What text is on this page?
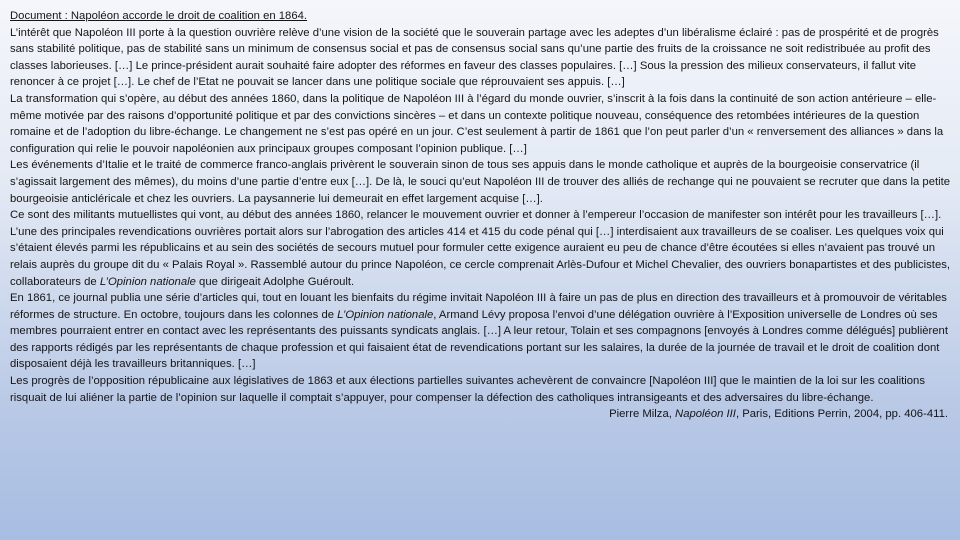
Document : Napoléon accorde le droit de coalition en 1864.

L’intérêt que Napoléon III porte à la question ouvrière relève d’une vision de la société que le souverain partage avec les adeptes d’un libéralisme éclairé : pas de prospérité et de progrès sans stabilité politique, pas de stabilité sans un minimum de consensus social et pas de consensus social sans qu’une partie des fruits de la croissance ne soit redistribuée au profit des classes laborieuses. […] Le prince-président aurait souhaité faire adopter des réformes en faveur des classes populaires. […] Sous la pression des milieux conservateurs, il fallut vite renoncer à ce projet […]. Le chef de l’Etat ne pouvait se lancer dans une politique sociale que réprouvaient ses appuis. […]

La transformation qui s’opère, au début des années 1860, dans la politique de Napoléon III à l’égard du monde ouvrier, s’inscrit à la fois dans la continuité de son action antérieure – elle-même motivée par des raisons d’opportunité politique et par des convictions sincères – et dans un contexte politique nouveau, conséquence des retombées intérieures de la question romaine et de l’adoption du libre-échange. Le changement ne s’est pas opéré en un jour. C’est seulement à partir de 1861 que l’on peut parler d’un « renversement des alliances » dans la configuration qui relie le pouvoir napoléonien aux principaux groupes composant l’opinion publique. […]

Les événements d’Italie et le traité de commerce franco-anglais privèrent le souverain sinon de tous ses appuis dans le monde catholique et auprès de la bourgeoisie conservatrice (il s’agissait largement des mêmes), du moins d’une partie d’entre eux […]. De là, le souci qu’eut Napoléon III de trouver des alliés de rechange qui ne pouvaient se recruter que dans la petite bourgeoisie anticléricale et chez les ouvriers. La paysannerie lui demeurait en effet largement acquise […].

Ce sont des militants mutuellistes qui vont, au début des années 1860, relancer le mouvement ouvrier et donner à l’empereur l’occasion de manifester son intérêt pour les travailleurs […]. L’une des principales revendications ouvrières portait alors sur l’abrogation des articles 414 et 415 du code pénal qui […] interdisaient aux travailleurs de se coaliser. Les quelques voix qui s’étaient élevés parmi les républicains et au sein des sociétés de secours mutuel pour formuler cette exigence auraient eu peu de chance d’être écoutées si elles n’avaient pas trouvé un relais auprès du groupe dit du « Palais Royal ». Rassemblé autour du prince Napoléon, ce cercle comprenait Arlès-Dufour et Michel Chevalier, des ouvriers bonapartistes et des publicistes, collaborateurs de L’Opinion nationale que dirigeait Adolphe Guéroult.

En 1861, ce journal publia une série d’articles qui, tout en louant les bienfaits du régime invitait Napoléon III à faire un pas de plus en direction des travailleurs et à promouvoir de véritables réformes de structure. En octobre, toujours dans les colonnes de L’Opinion nationale, Armand Lévy proposa l’envoi d’une délégation ouvrière à l’Exposition universelle de Londres où ses membres pourraient entrer en contact avec les représentants des puissants syndicats anglais. […] A leur retour, Tolain et ses compagnons [envoyés à Londres comme délégués] publièrent des rapports rédigés par les représentants de chaque profession et qui faisaient état de revendications portant sur les salaires, la durée de la journée de travail et le droit de coalition dont disposaient déjà les travailleurs britanniques. […]

Les progrès de l’opposition républicaine aux législatives de 1863 et aux élections partielles suivantes achevèrent de convaincre [Napoléon III] que le maintien de la loi sur les coalitions risquait de lui aliéner la partie de l’opinion sur laquelle il comptait s’appuyer, pour compenser la défection des catholiques intransigeants et des adversaires du libre-échange.

Pierre Milza, Napoléon III, Paris, Editions Perrin, 2004, pp. 406-411.
